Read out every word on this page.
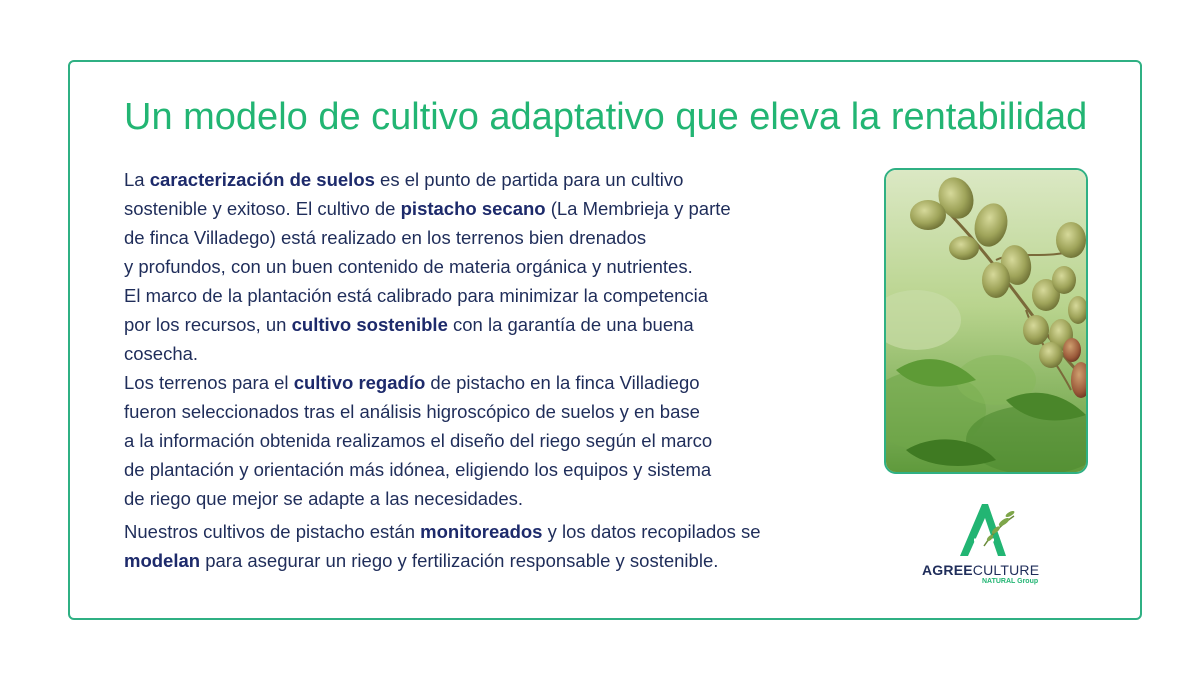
Un modelo de cultivo adaptativo que eleva la rentabilidad

La caracterización de suelos es el punto de partida para un cultivo
sostenible y exitoso. El cultivo de pistacho secano (La Membrieja y parte
de finca Villadego) está realizado en los terrenos bien drenados
y profundos, con un buen contenido de materia orgánica y nutrientes.
El marco de la plantación está calibrado para minimizar la competencia
por los recursos, un cultivo sostenible con la garantía de una buena
cosecha.

Los terrenos para el cultivo regadío de pistacho en la finca Villadiego
fueron seleccionados tras el análisis higroscópico de suelos y en base
a la información obtenida realizamos el diseño del riego según el marco
de plantación y orientación más idónea, eligiendo los equipos y sistema
de riego que mejor se adapte a las necesidades.

Nuestros cultivos de pistacho están monitoreados y los datos recopilados se
modelan para asegurar un riego y fertilización responsable y sostenible.	AGREECULTURE
NATURAL Group
